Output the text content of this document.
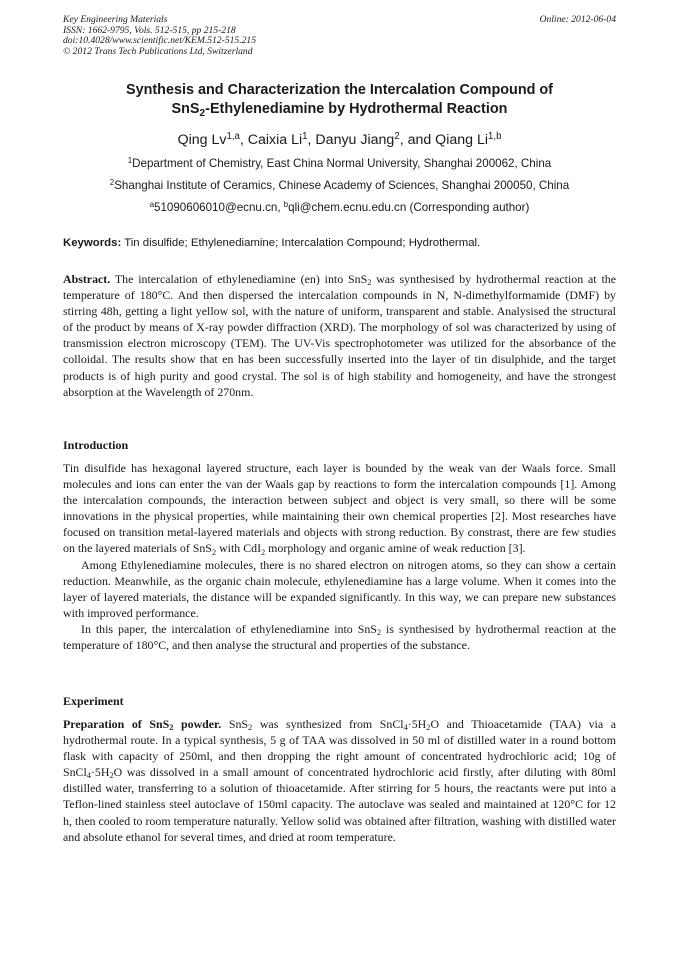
Key Engineering Materials
ISSN: 1662-9795, Vols. 512-515, pp 215-218
doi:10.4028/www.scientific.net/KEM.512-515.215
© 2012 Trans Tech Publications Ltd, Switzerland
Online: 2012-06-04
Synthesis and Characterization the Intercalation Compound of
SnS$_2$-Ethylenediamine by Hydrothermal Reaction
Qing Lv$^{1,a}$, Caixia Li$^1$, Danyu Jiang$^2$, and Qiang Li$^{1,b}$
$^1$Department of Chemistry, East China Normal University, Shanghai 200062, China
$^2$Shanghai Institute of Ceramics, Chinese Academy of Sciences, Shanghai 200050, China
$^a$51090606010@ecnu.cn, $^b$qli@chem.ecnu.edu.cn (Corresponding author)
Keywords: Tin disulfide; Ethylenediamine; Intercalation Compound; Hydrothermal.

Abstract. The intercalation of ethylenediamine (en) into SnS$_2$ was synthesised by hydrothermal reaction at the temperature of 180°C. And then dispersed the intercalation compounds in N, N-dimethylformamide (DMF) by stirring 48h, getting a light yellow sol, with the nature of uniform, transparent and stable. Analysised the structural of the product by means of X-ray powder diffraction (XRD). The morphology of sol was characterized by using of transmission electron microscopy (TEM). The UV-Vis spectrophotometer was utilized for the absorbance of the colloidal. The results show that en has been successfully inserted into the layer of tin disulphide, and the target products is of high purity and good crystal. The sol is of high stability and homogeneity, and have the strongest absorption at the Wavelength of 270nm.

Introduction

Tin disulfide has hexagonal layered structure, each layer is bounded by the weak van der Waals force. Small molecules and ions can enter the van der Waals gap by reactions to form the intercalation compounds [1]. Among the intercalation compounds, the interaction between subject and object is very small, so there will be some innovations in the physical properties, while maintaining their own chemical properties [2]. Most researches have focused on transition metal-layered materials and objects with strong reduction. By constrast, there are few studies on the layered materials of SnS$_2$ with CdI$_2$ morphology and organic amine of weak reduction [3].

Among Ethylenediamine molecules, there is no shared electron on nitrogen atoms, so they can show a certain reduction. Meanwhile, as the organic chain molecule, ethylenediamine has a large volume. When it comes into the layer of layered materials, the distance will be expanded significantly. In this way, we can prepare new substances with improved performance.

In this paper, the intercalation of ethylenediamine into SnS$_2$ is synthesised by hydrothermal reaction at the temperature of 180°C, and then analyse the structural and properties of the substance.

Experiment

Preparation of SnS$_2$ powder. SnS$_2$ was synthesized from $SnCl_4\cdot 5H_2O$ and Thioacetamide (TAA) via a hydrothermal route. In a typical synthesis, 5 g of TAA was dissolved in 50 ml of distilled water in a round bottom flask with capacity of 250ml, and then dropping the right amount of concentrated hydrochloric acid; 10g of $SnCl_4\cdot 5H_2O$ was dissolved in a small amount of concentrated hydrochloric acid firstly, after diluting with 80ml distilled water, transferring to a solution of thioacetamide. After stirring for 5 hours, the reactants were put into a Teflon-lined stainless steel autoclave of 150ml capacity. The autoclave was sealed and maintained at 120°C for 12 h, then cooled to room temperature naturally. Yellow solid was obtained after filtration, washing with distilled water and absolute ethanol for several times, and dried at room temperature.
